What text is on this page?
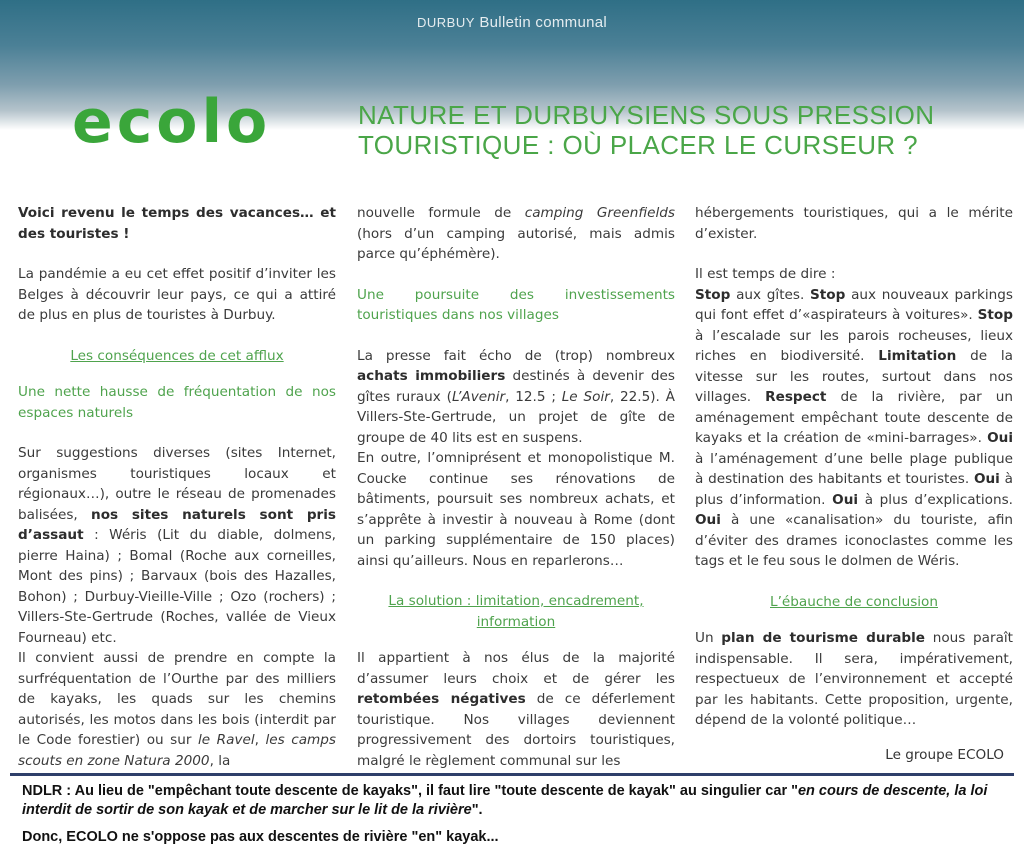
DURBUY Bulletin communal
ecolo	NATURE ET DURBUYSIENS SOUS PRESSION
TOURISTIQUE : OÙ PLACER LE CURSEUR ?

Voici revenu le temps des vacances… et des touristes !

La pandémie a eu cet effet positif d’inviter les Belges à découvrir leur pays, ce qui a attiré de plus en plus de touristes à Durbuy.

Les conséquences de cet afflux
Une nette hausse de fréquentation de nos espaces naturels

Sur suggestions diverses (sites Internet, organismes touristiques locaux et régionaux…), outre le réseau de promenades balisées, nos sites naturels sont pris d’assaut : Wéris (Lit du diable, dolmens, pierre Haina) ; Bomal (Roche aux corneilles, Mont des pins) ; Barvaux (bois des Hazalles, Bohon) ; Durbuy-Vieille-Ville ; Ozo (rochers) ; Villers-Ste-Gertrude (Roches, vallée de Vieux Fourneau) etc.

Il convient aussi de prendre en compte la surfréquentation de l’Ourthe par des milliers de kayaks, les quads sur les chemins autorisés, les motos dans les bois (interdit par le Code forestier) ou sur le Ravel, les camps scouts en zone Natura 2000, la

nouvelle formule de camping Greenfields (hors d’un camping autorisé, mais admis parce qu’éphémère).

Une poursuite des investissements touristiques dans nos villages

La presse fait écho de (trop) nombreux achats immobiliers destinés à devenir des gîtes ruraux (L’Avenir, 12.5 ; Le Soir, 22.5). À Villers-Ste-Gertrude, un projet de gîte de groupe de 40 lits est en suspens.

En outre, l’omniprésent et monopolistique M. Coucke continue ses rénovations de bâtiments, poursuit ses nombreux achats, et s’apprête à investir à nouveau à Rome (dont un parking supplémentaire de 150 places) ainsi qu’ailleurs. Nous en reparlerons…

La solution : limitation, encadrement, information

Il appartient à nos élus de la majorité d’assumer leurs choix et de gérer les retombées négatives de ce déferlement touristique. Nos villages deviennent progressivement des dortoirs touristiques, malgré le règlement communal sur les

hébergements touristiques, qui a le mérite d’exister.

Il est temps de dire :
Stop aux gîtes. Stop aux nouveaux parkings qui font effet d’«aspirateurs à voitures». Stop à l’escalade sur les parois rocheuses, lieux riches en biodiversité. Limitation de la vitesse sur les routes, surtout dans nos villages. Respect de la rivière, par un aménagement empêchant toute descente de kayaks et la création de «mini-barrages». Oui à l’aménagement d’une belle plage publique à destination des habitants et touristes. Oui à plus d’information. Oui à plus d’explications. Oui à une «canalisation» du touriste, afin d’éviter des drames iconoclastes comme les tags et le feu sous le dolmen de Wéris.

L’ébauche de conclusion

Un plan de tourisme durable nous paraît indispensable. Il sera, impérativement, respectueux de l’environnement et accepté par les habitants. Cette proposition, urgente, dépend de la volonté politique…

Le groupe ECOLO

NDLR : Au lieu de "empêchant toute descente de kayaks", il faut lire "toute descente de kayak" au singulier car "en cours de descente, la loi interdit de sortir de son kayak et de marcher sur le lit de la rivière".

Donc, ECOLO ne s'oppose pas aux descentes de rivière "en" kayak...
